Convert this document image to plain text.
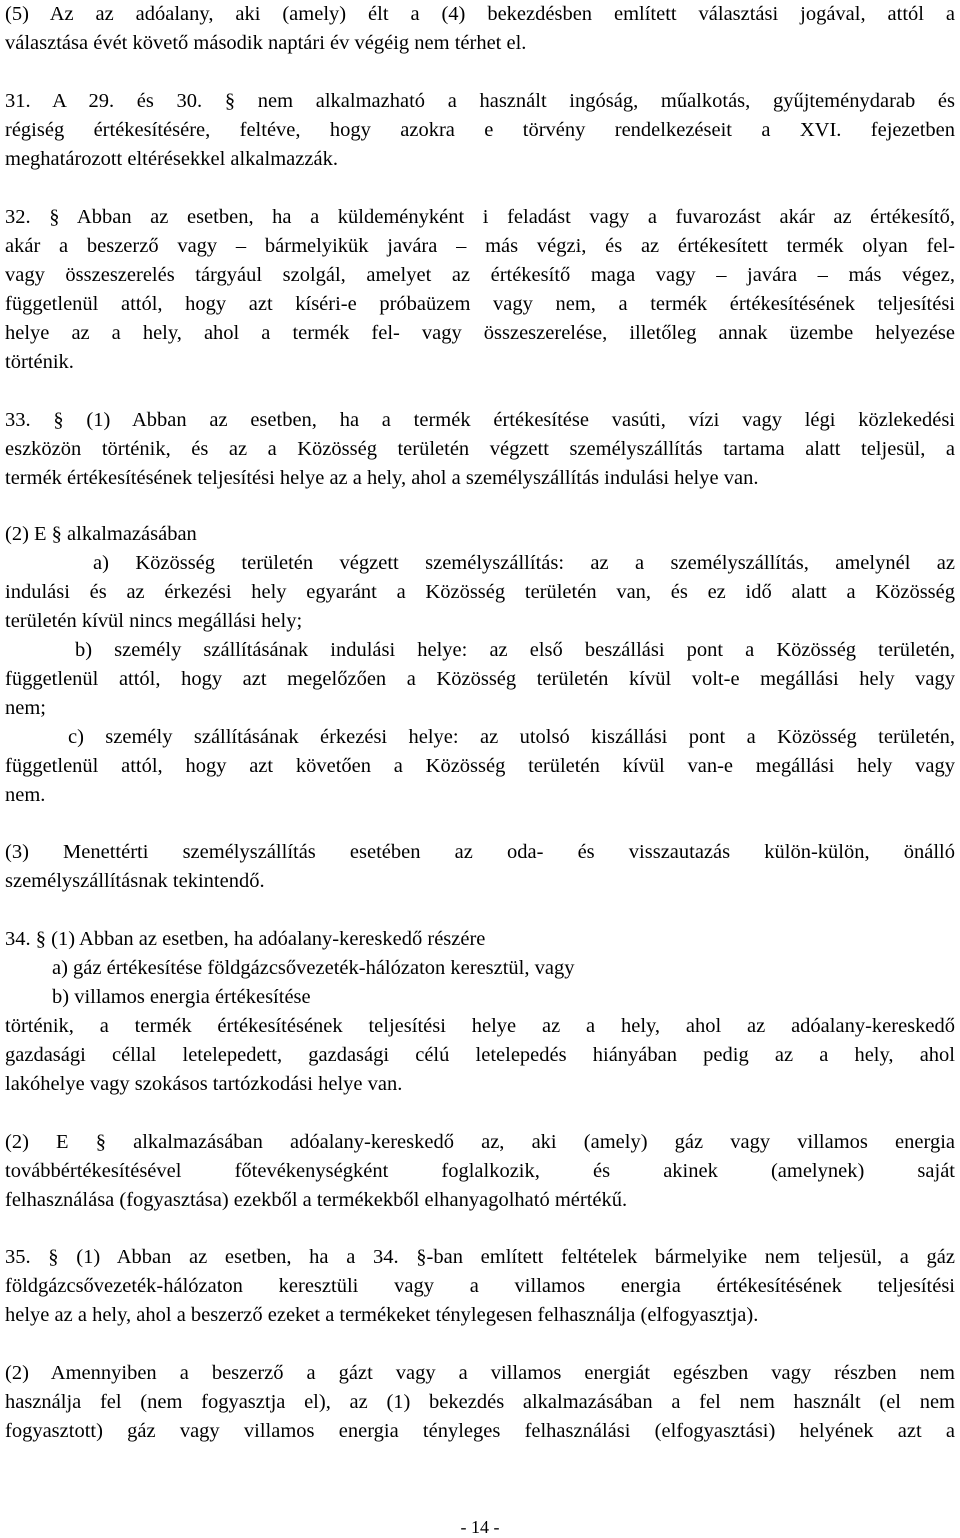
(5) Az az adóalany, aki (amely) élt a (4) bekezdésben említett választási jogával, attól a
választása évét követő második naptári év végéig nem térhet el.
31. A 29. és 30. § nem alkalmazható a használt ingóság, műalkotás, gyűjteménydarab és
régiség értékesítésére, feltéve, hogy azokra e törvény rendelkezéseit a XVI. fejezetben
meghatározott eltérésekkel alkalmazzák.
32. § Abban az esetben, ha a küldeményként i feladást vagy a fuvarozást akár az értékesítő,
akár a beszerző vagy – bármelyikük javára – más végzi, és az értékesített termék olyan fel-
vagy összeszerelés tárgyául szolgál, amelyet az értékesítő maga vagy – javára – más végez,
függetlenül attól, hogy azt kíséri-e próbaüzem vagy nem, a termék értékesítésének teljesítési
helye az a hely, ahol a termék fel- vagy összeszerelése, illetőleg annak üzembe helyezése
történik.
33. § (1) Abban az esetben, ha a termék értékesítése vasúti, vízi vagy légi közlekedési
eszközön történik, és az a Közösség területén végzett személyszállítás tartama alatt teljesül, a
termék értékesítésének teljesítési helye az a hely, ahol a személyszállítás indulási helye van.
(2) E § alkalmazásában
a) Közösség területén végzett személyszállítás: az a személyszállítás, amelynél az
indulási és az érkezési hely egyaránt a Közösség területén van, és ez idő alatt a Közösség
területén kívül nincs megállási hely;
b) személy szállításának indulási helye: az első beszállási pont a Közösség területén,
függetlenül attól, hogy azt megelőzően a Közösség területén kívül volt-e megállási hely vagy
nem;
c) személy szállításának érkezési helye: az utolsó kiszállási pont a Közösség területén,
függetlenül attól, hogy azt követően a Közösség területén kívül van-e megállási hely vagy
nem.
(3) Menettérti személyszállítás esetében az oda- és visszautazás külön-külön, önálló
személyszállításnak tekintendő.
34. § (1) Abban az esetben, ha adóalany-kereskedő részére
a) gáz értékesítése földgázcsővezeték-hálózaton keresztül, vagy
b) villamos energia értékesítése
történik, a termék értékesítésének teljesítési helye az a hely, ahol az adóalany-kereskedő
gazdasági céllal letelepedett, gazdasági célú letelepedés hiányában pedig az a hely, ahol
lakóhelye vagy szokásos tartózkodási helye van.
(2) E § alkalmazásában adóalany-kereskedő az, aki (amely) gáz vagy villamos energia
továbbértékesítésével főtevékenységként foglalkozik, és akinek (amelynek) saját
felhasználása (fogyasztása) ezekből a termékekből elhanyagolható mértékű.
35. § (1) Abban az esetben, ha a 34. §-ban említett feltételek bármelyike nem teljesül, a gáz
földgázcsővezeték-hálózaton keresztüli vagy a villamos energia értékesítésének teljesítési
helye az a hely, ahol a beszerző ezeket a termékeket ténylegesen felhasználja (elfogyasztja).
(2) Amennyiben a beszerző a gázt vagy a villamos energiát egészben vagy részben nem
használja fel (nem fogyasztja el), az (1) bekezdés alkalmazásában a fel nem használt (el nem
fogyasztott) gáz vagy villamos energia tényleges felhasználási (elfogyasztási) helyének azt a
- 14 -
